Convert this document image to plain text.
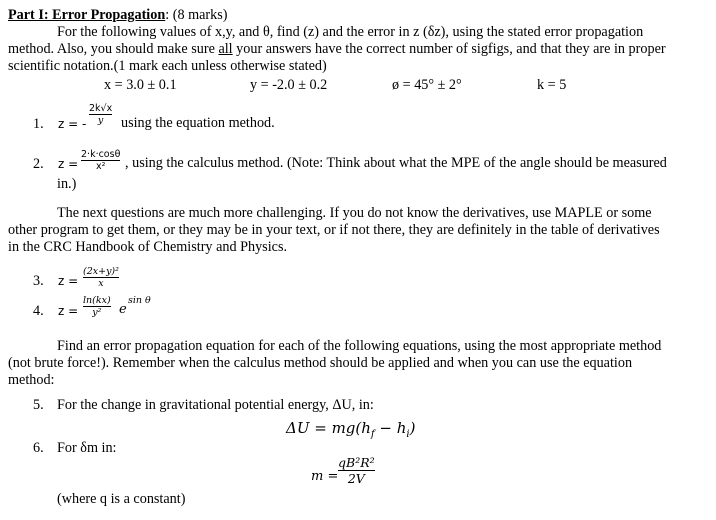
Part I: Error Propagation: (8 marks)
For the following values of x,y, and θ, find (z) and the error in z (δz), using the stated error propagation
method. Also, you should make sure all your answers have the correct number of sigfigs, and that they are in proper
scientific notation.(1 mark each unless otherwise stated)
x = 3.0 ± 0.1	y = -2.0 ± 0.2	ø = 45° ± 2°	k = 5
1. z = -
2k√x
y using the equation method.
2. z =
2·k·cosθ
x² , using the calculus method. (Note: Think about what the MPE of the angle should be measured
in.)
The next questions are much more challenging. If you do not know the derivatives, use MAPLE or some
other program to get them, or they may be in your text, or if not there, they are definitely in the table of derivatives
in the CRC Handbook of Chemistry and Physics.
3. z =
(2x+y)²
x
4. z =
ln(kx)
y² e
sin θ
Find an error propagation equation for each of the following equations, using the most appropriate method
(not brute force!). Remember when the calculus method should be applied and when you can use the equation
method:
5. For the change in gravitational potential energy, ΔU, in:
$\Delta U = mg(h_f - h_i)$
6. For δm in:
m =
qB²R²
2V
(where q is a constant)
